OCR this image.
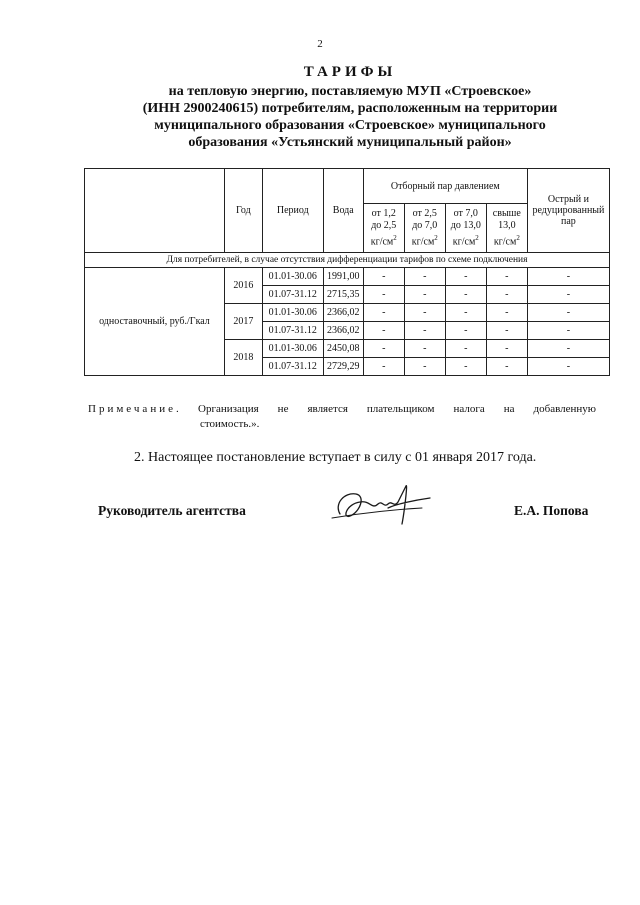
2
ТАРИФЫ
на тепловую энергию, поставляемую МУП «Строевское»
(ИНН 2900240615) потребителям, расположенным на территории
муниципального образования «Строевское» муниципального
образования «Устьянский муниципальный район»
	Год	Период	Вода	Отборный пар давлением				Острый и редуцированный пар
				от 1,2
до 2,5
$кг/см^2$	от 2,5
до 7,0
$кг/см^2$	от 7,0
до 13,0
$кг/см^2$	свыше
13,0
$кг/см^2$
Для потребителей, в случае отсутствия дифференциации тарифов по схеме подключения								
одноставочный, руб./Гкал	2016	01.01-30.06	1991,00	-	-	-	-	-
		01.07-31.12	2715,35	-	-	-	-	-
	2017	01.01-30.06	2366,02	-	-	-	-	-
		01.07-31.12	2366,02	-	-	-	-	-
	2018	01.01-30.06	2450,08	-	-	-	-	-
		01.07-31.12	2729,29	-	-	-	-	-
Примечание.	Организация не является плательщиком налога на добавленную
стоимость.».
2. Настоящее постановление вступает в силу с 01 января 2017 года.
Руководитель агентства	Е.А. Попова
